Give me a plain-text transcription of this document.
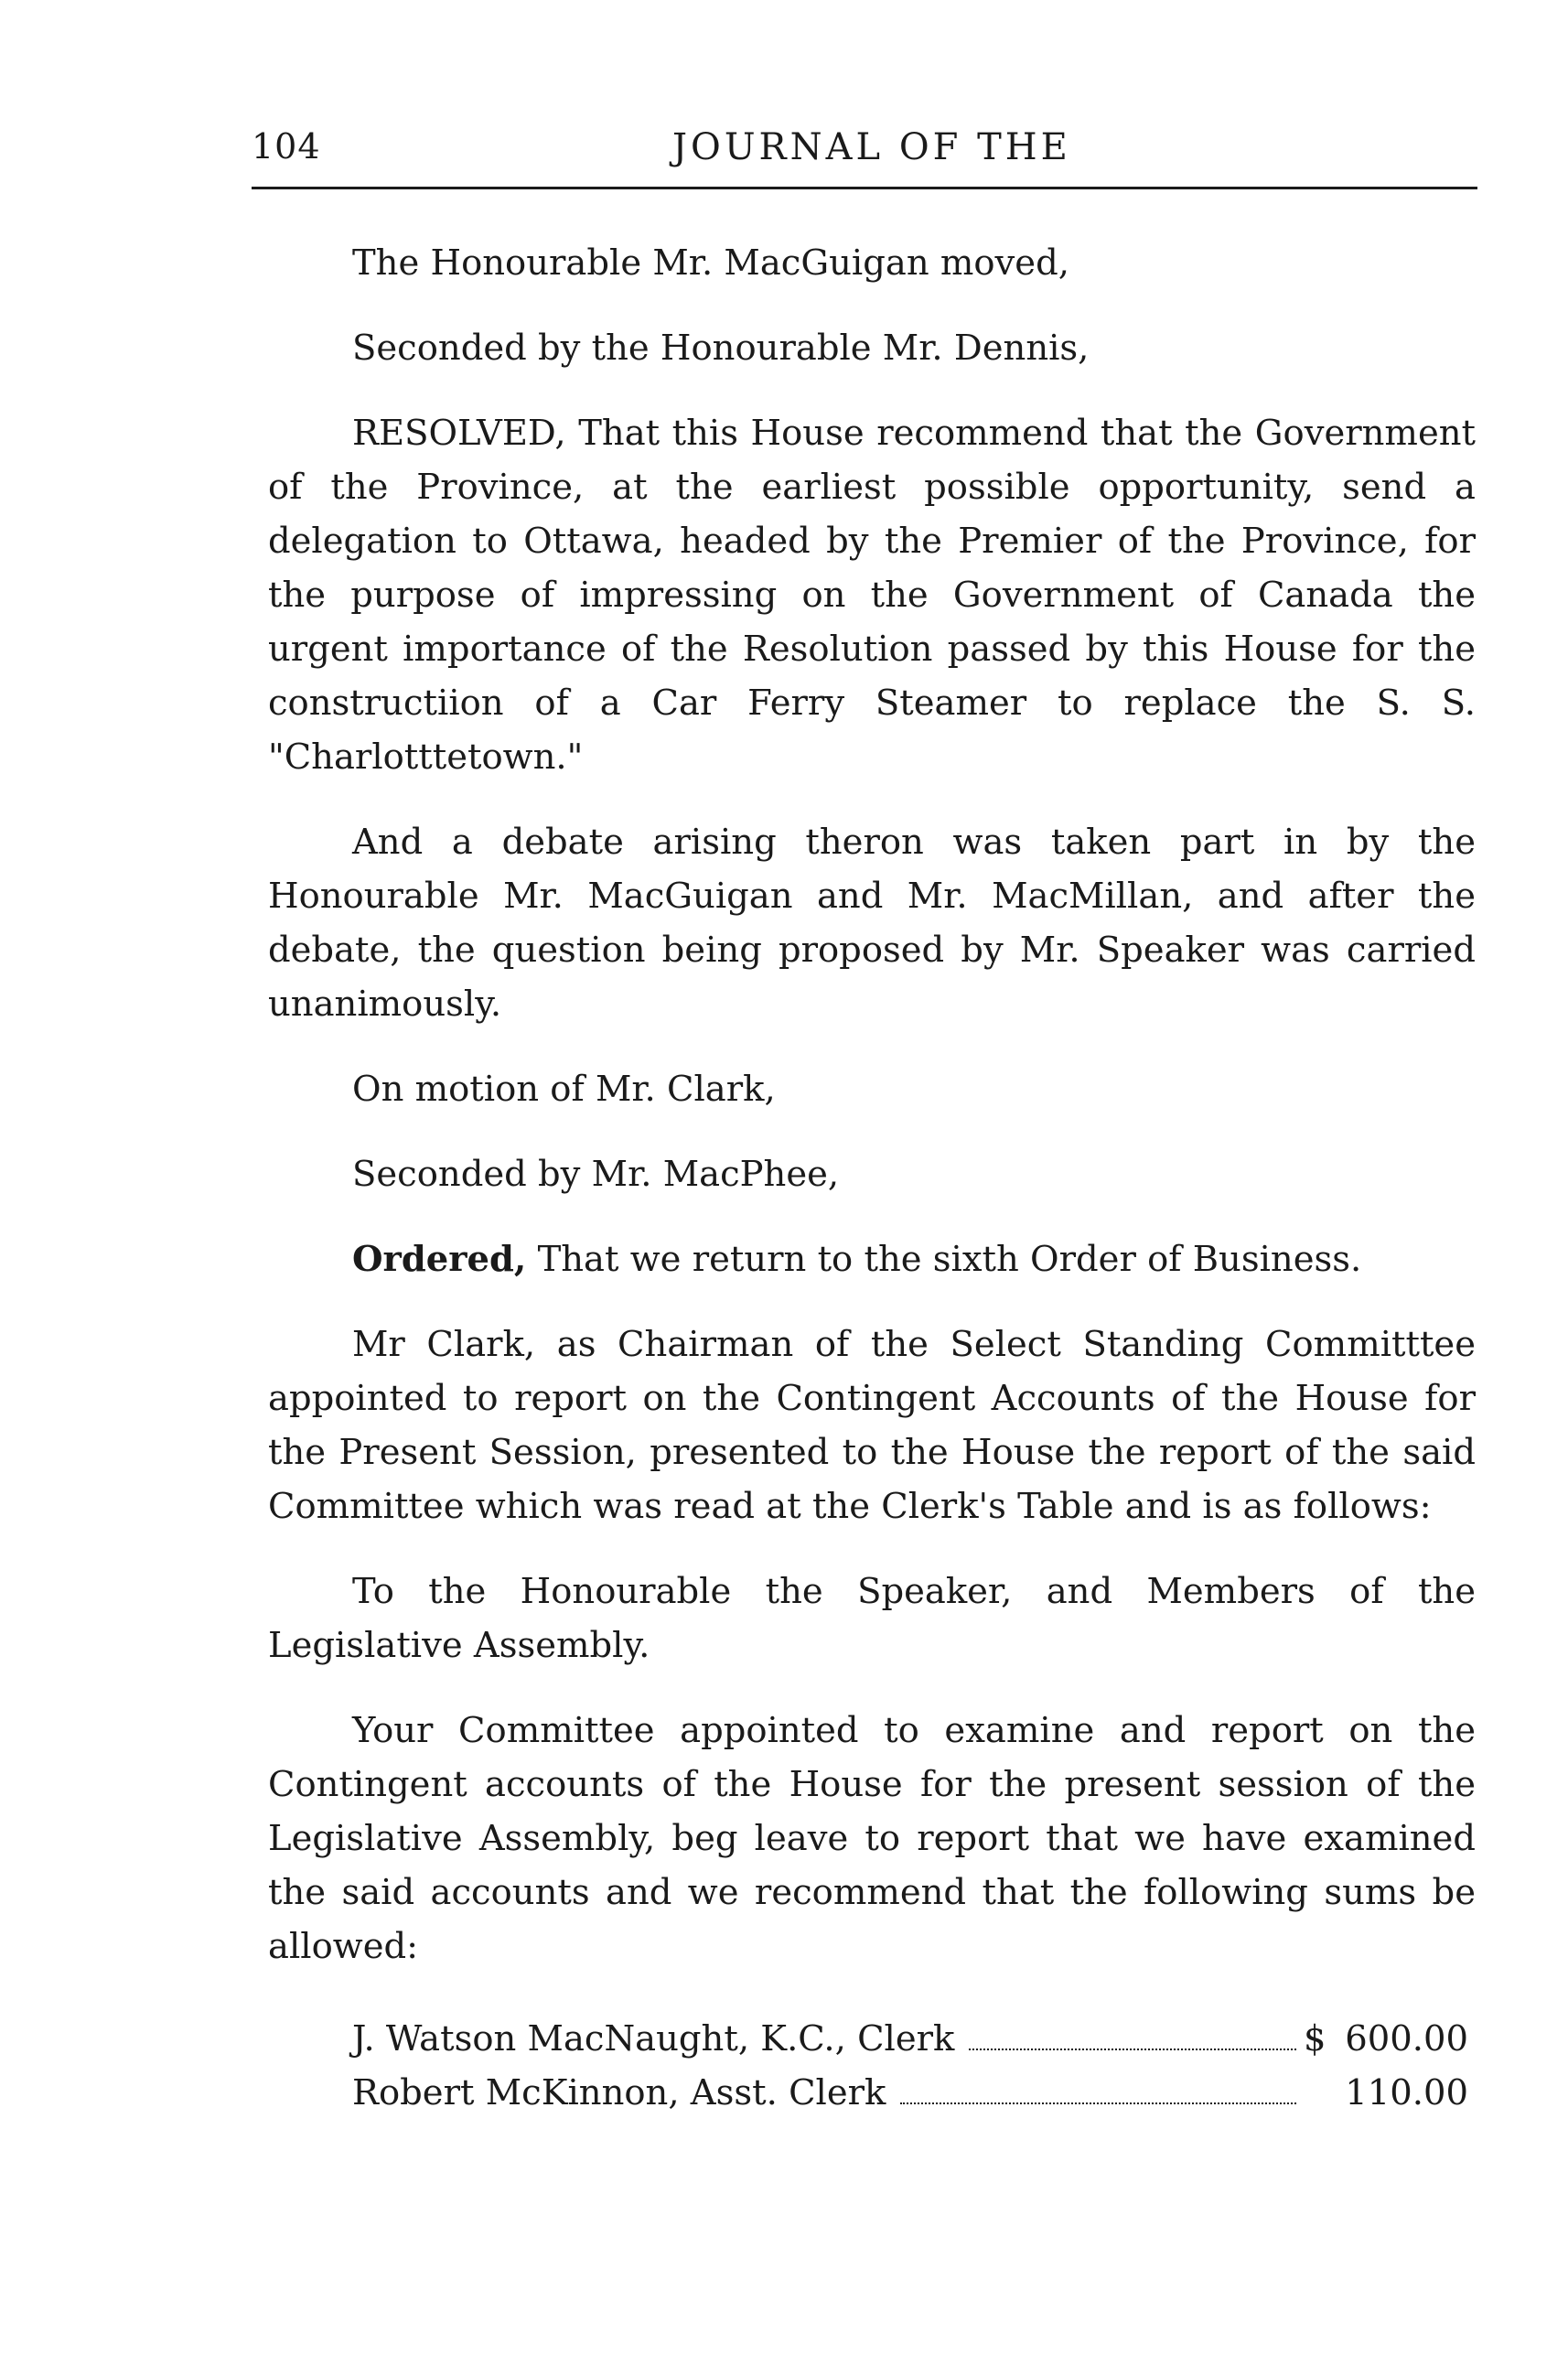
104	JOURNAL OF THE

The Honourable Mr. MacGuigan moved,

Seconded by the Honourable Mr. Dennis,

RESOLVED, That this House recommend that the Government of the Province, at the earliest possible opportunity, send a delegation to Ottawa, headed by the Premier of the Province, for the purpose of impressing on the Government of Canada the urgent importance of the Resolution passed by this House for the constructiion of a Car Ferry Steamer to replace the S. S. "Charlotttetown."

And a debate arising theron was taken part in by the Honourable Mr. MacGuigan and Mr. MacMillan, and after the debate, the question being proposed by Mr. Speaker was carried unanimously.

On motion of Mr. Clark,

Seconded by Mr. MacPhee,

Ordered, That we return to the sixth Order of Business.

Mr Clark, as Chairman of the Select Standing Committtee appointed to report on the Contingent Accounts of the House for the Present Session, presented to the House the report of the said Committee which was read at the Clerk's Table and is as follows:

To the Honourable the Speaker, and Members of the Legislative Assembly.

Your Committee appointed to examine and report on the Contingent accounts of the House for the present session of the Legislative Assembly, beg leave to report that we have examined the said accounts and we recommend that the following sums be allowed:

J. Watson MacNaught, K.C., Clerk	$ 600.00
Robert McKinnon, Asst. Clerk	110.00
